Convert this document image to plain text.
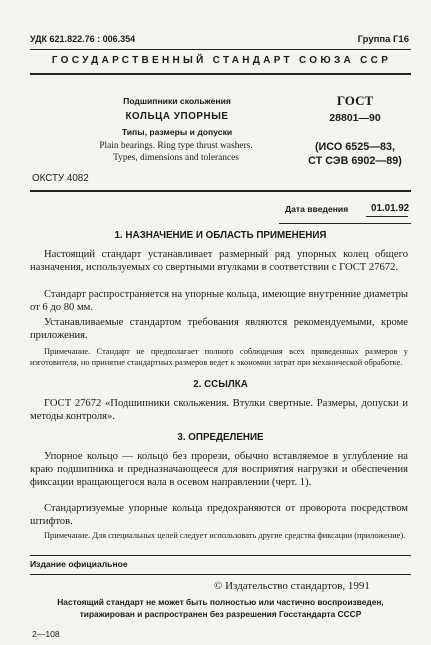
УДК 621.822.76 : 006.354	Группа Г16
ГОСУДАРСТВЕННЫЙ СТАНДАРТ СОЮЗА ССР
Подшипники скольжения
КОЛЬЦА УПОРНЫЕ
Типы, размеры и допуски
Plain bearings. Ring type thrust washers.
Types, dimensions and tolerances
ГОСТ
28801—90
(ИСО 6525—83,
СТ СЭВ 6902—89)
ОКСТУ 4082
Дата введения 01.01.92
1. НАЗНАЧЕНИЕ И ОБЛАСТЬ ПРИМЕНЕНИЯ
Настоящий стандарт устанавливает размерный ряд упорных колец общего назначения, используемых со свертными втулками в соответствии с ГОСТ 27672.
Стандарт распространяется на упорные кольца, имеющие внутренние диаметры от 6 до 80 мм.
Устанавливаемые стандартом требования являются рекомендуемыми, кроме приложения.
Примечание. Стандарт не предполагает полного соблюдения всех приведенных размеров у изготовителя, но принятие стандартных размеров ведет к экономии затрат при механической обработке.
2. ССЫЛКА
ГОСТ 27672 «Подшипники скольжения. Втулки свертные. Размеры, допуски и методы контроля».
3. ОПРЕДЕЛЕНИЕ
Упорное кольцо — кольцо без прорези, обычно вставляемое в углубление на краю подшипника и предназначающееся для восприятия нагрузки и обеспечения фиксации вращающегося вала в осевом направлении (черт. 1).
Стандартизуемые упорные кольца предохраняются от проворота посредством штифтов.
Примечание. Для специальных целей следует использовать другие средства фиксации (приложение).
Издание официальное
© Издательство стандартов, 1991
Настоящий стандарт не может быть полностью или частично воспроизведен,
тиражирован и распространен без разрешения Госстандарта СССР
2—108
